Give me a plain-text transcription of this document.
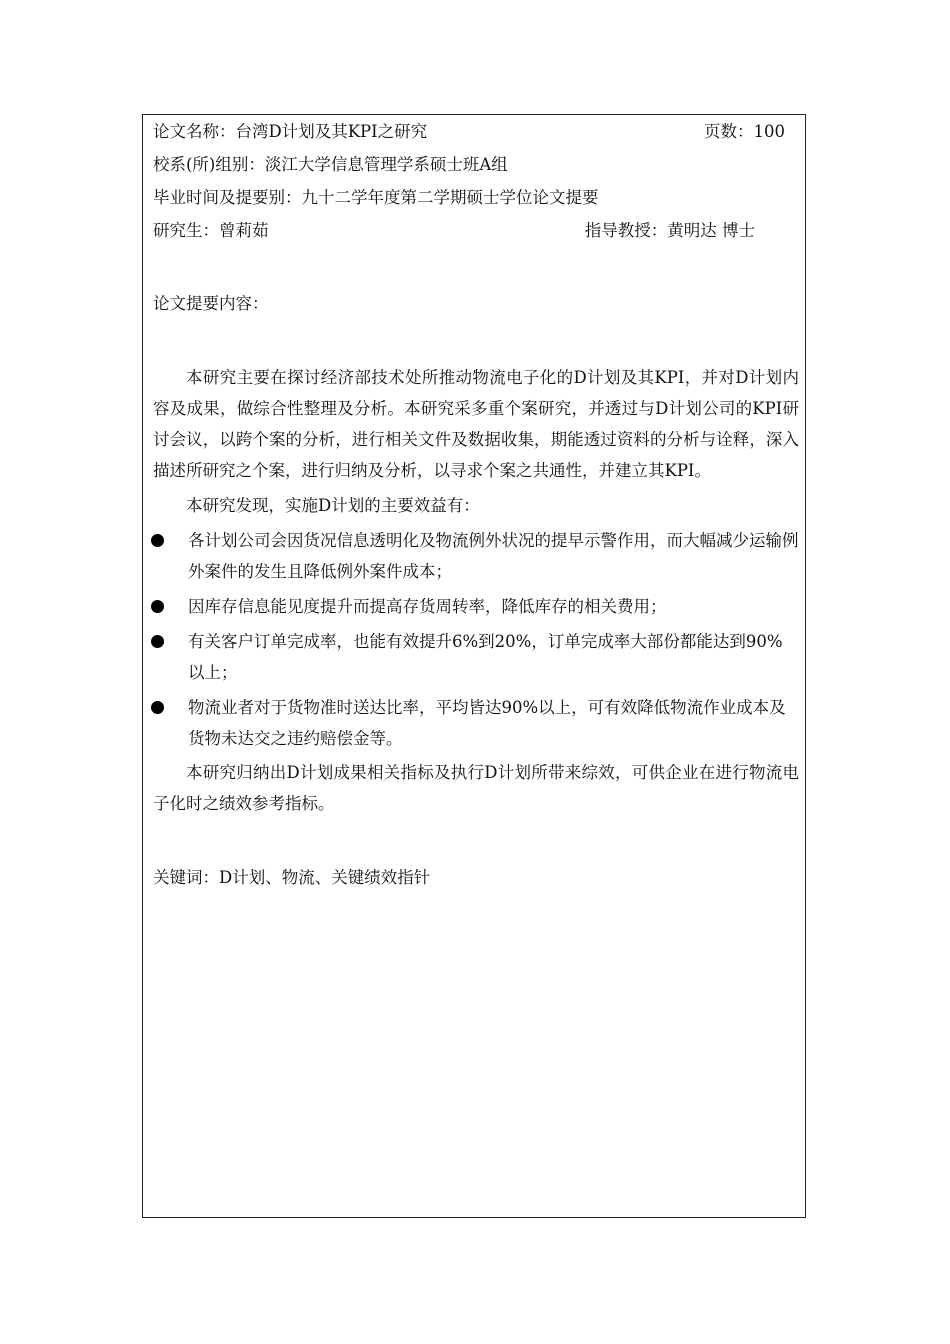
论文名称：台湾D计划及其KPI之研究	页数：100
校系(所)组别：淡江大学信息管理学系硕士班A组
毕业时间及提要别：九十二学年度第二学期硕士学位论文提要
研究生：曾莉茹	指导教授：黄明达 博士
论文提要内容：

本研究主要在探讨经济部技术处所推动物流电子化的D计划及其KPI，并对D计划内容及成果，做综合性整理及分析。本研究采多重个案研究，并透过与D计划公司的KPI研讨会议，以跨个案的分析，进行相关文件及数据收集，期能透过资料的分析与诠释，深入描述所研究之个案，进行归纳及分析，以寻求个案之共通性，并建立其KPI。

本研究发现，实施D计划的主要效益有：

各计划公司会因货况信息透明化及物流例外状况的提早示警作用，而大幅减少运输例外案件的发生且降低例外案件成本；
因库存信息能见度提升而提高存货周转率，降低库存的相关费用；
有关客户订单完成率，也能有效提升6%到20%，订单完成率大部份都能达到90%以上；
物流业者对于货物准时送达比率，平均皆达90%以上，可有效降低物流作业成本及货物未达交之违约赔偿金等。

本研究归纳出D计划成果相关指标及执行D计划所带来综效，可供企业在进行物流电子化时之绩效参考指标。

关键词：D计划、物流、关键绩效指针
